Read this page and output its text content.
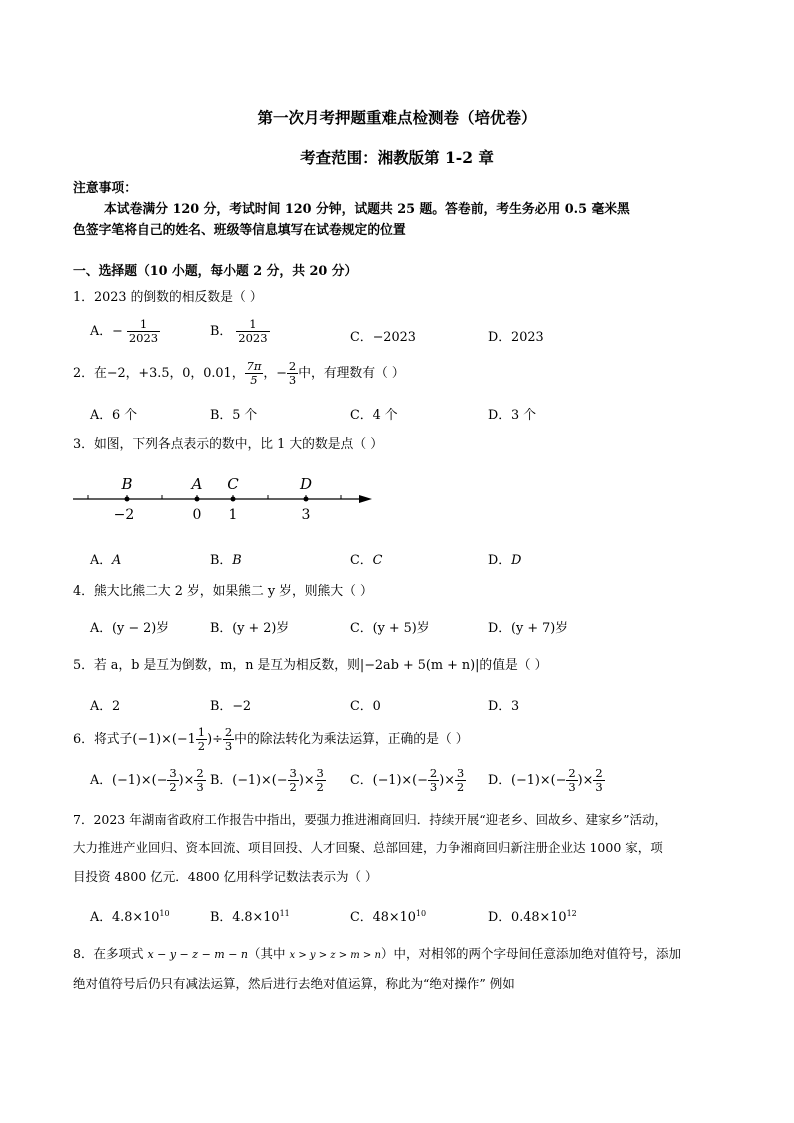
第一次月考押题重难点检测卷（培优卷）
考查范围：湘教版第 1-2 章
注意事项：
本试卷满分 120 分，考试时间 120 分钟，试题共 25 题。答卷前，考生务必用 0.5 毫米黑
色签字笔将自己的姓名、班级等信息填写在试卷规定的位置
一、选择题（10 小题，每小题 2 分，共 20 分）
1．2023 的倒数的相反数是（ ）
A．− $\frac{1}{2023}$	B． $\frac{1}{2023}$	C．−2023	D．2023
2．在−2，+3.5，0，0.01， $\frac{7\pi}{5}$ ，− $\frac{2}{3}$ 中，有理数有（ ）
A．6 个	B．5 个	C．4 个	D．3 个
3．如图，下列各点表示的数中，比 1 大的数是点（ ）
B	A C	D
−2	0 1	3
A．A	B．B	C．C	D．D
4．熊大比熊二大 2 岁，如果熊二 y 岁，则熊大（ ）
A．(y − 2)岁	B．(y + 2)岁	C．(y + 5)岁	D．(y + 7)岁
5．若 a，b 是互为倒数，m，n 是互为相反数，则|−2ab + 5(m + n)|的值是（ ）
A．2	B．−2	C．0	D．3
6．将式子$(-1)\times(-1 \frac{1}{2}$ )÷ $\frac{2}{3}$ 中的除法转化为乘法运算，正确的是（ ）
A．$(-1)\times(- \frac{3}{2}$ )× $\frac{2}{3}$ B．$(-1)\times(- \frac{3}{2}$ )× $\frac{3}{2}$ C．$(-1)\times(- \frac{2}{3}$ )× $\frac{3}{2}$ D．$(-1)\times(- \frac{2}{3}$ )× $\frac{2}{3}$
7．2023 年湖南省政府工作报告中指出，要强力推进湘商回归．持续开展“迎老乡、回故乡、建家乡”活动，
大力推进产业回归、资本回流、项目回投、人才回聚、总部回建，力争湘商回归新注册企业达 1000 家，项
目投资 4800 亿元．4800 亿用科学记数法表示为（ ）
A．$4.8\times 10^{10}$	B．$4.8\times 10^{11}$	C．$48\times 10^{10}$	D．$0.48\times 10^{12}$
8．在多项式 x − y − z − m − n（其中 x > y > z > m > n）中，对相邻的两个字母间任意添加绝对值符号，添加
绝对值符号后仍只有减法运算，然后进行去绝对值运算，称此为“绝对操作” 例如
